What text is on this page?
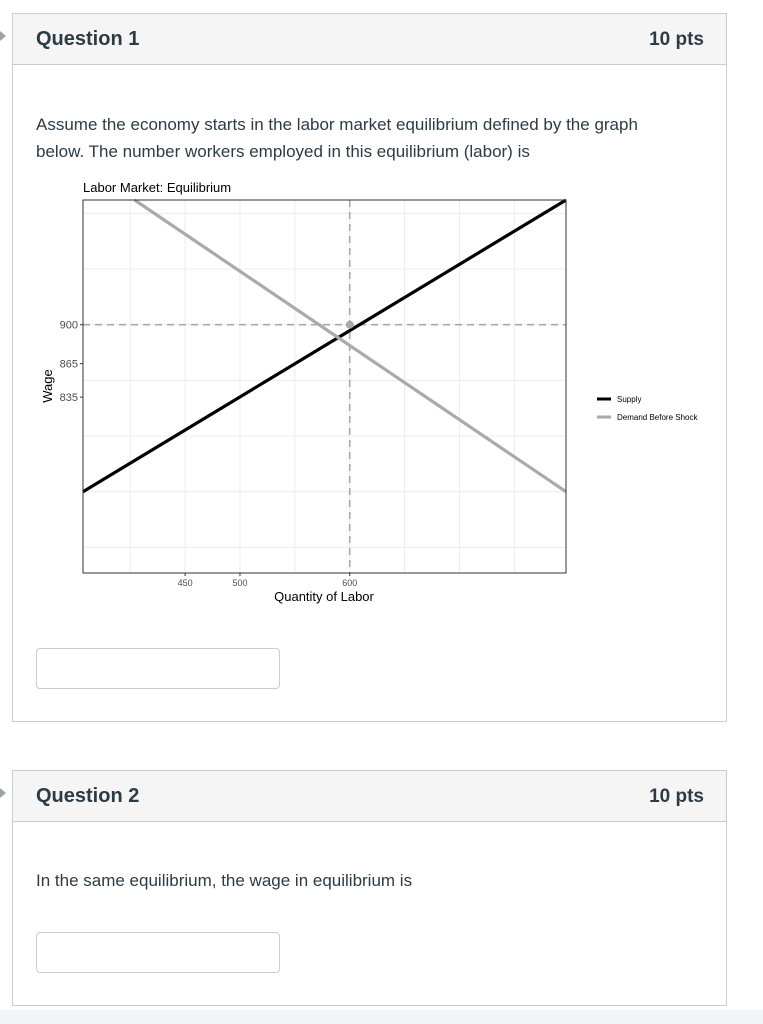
Question 1	10 pts
Assume the economy starts in the labor market equilibrium defined by the graph below. The number workers employed in this equilibrium (labor) is
Labor Market: Equilibrium
450	500	600
900
865
835
Quantity of Labor
Wage	Supply
Demand Before Shock
Question 2	10 pts
In the same equilibrium, the wage in equilibrium is
